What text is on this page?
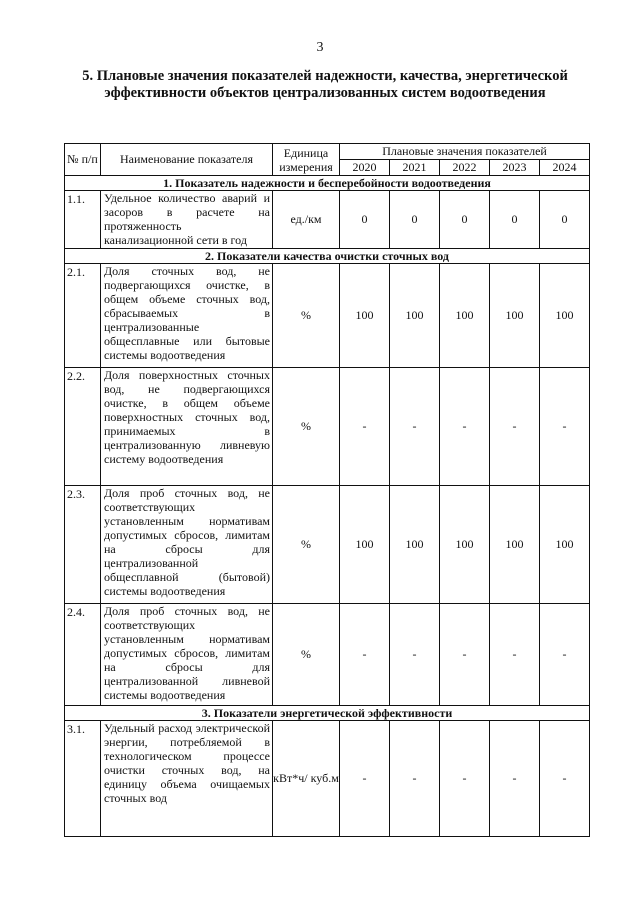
3
5. Плановые значения показателей надежности, качества, энергетической эффективности объектов централизованных систем водоотведения
№ п/п	Наименование показателя	Единица измерения	Плановые значения показателей				
			2020	2021	2022	2023	2024
1. Показатель надежности и бесперебойности водоотведения							
1.1.	Удельное количество аварий и засоров в расчете на протяженность канализационной сети в год	ед./км	0	0	0	0	0
2. Показатели качества очистки сточных вод							
2.1.	Доля сточных вод, не подвергающихся очистке, в общем объеме сточных вод, сбрасываемых в централизованные общесплавные или бытовые системы водоотведения	%	100	100	100	100	100
2.2.	Доля поверхностных сточных вод, не подвергающихся очистке, в общем объеме поверхностных сточных вод, принимаемых в централизованную ливневую систему водоотведения	%	-	-	-	-	-
2.3.	Доля проб сточных вод, не соответствующих установленным нормативам допустимых сбросов, лимитам на сбросы для централизованной общесплавной (бытовой) системы водоотведения	%	100	100	100	100	100
2.4.	Доля проб сточных вод, не соответствующих установленным нормативам допустимых сбросов, лимитам на сбросы для централизованной ливневой системы водоотведения	%	-	-	-	-	-
3. Показатели энергетической эффективности							
3.1.	Удельный расход электрической энергии, потребляемой в технологическом процессе очистки сточных вод, на единицу объема очищаемых сточных вод	кВт*ч/ куб.м	-	-	-	-	-
